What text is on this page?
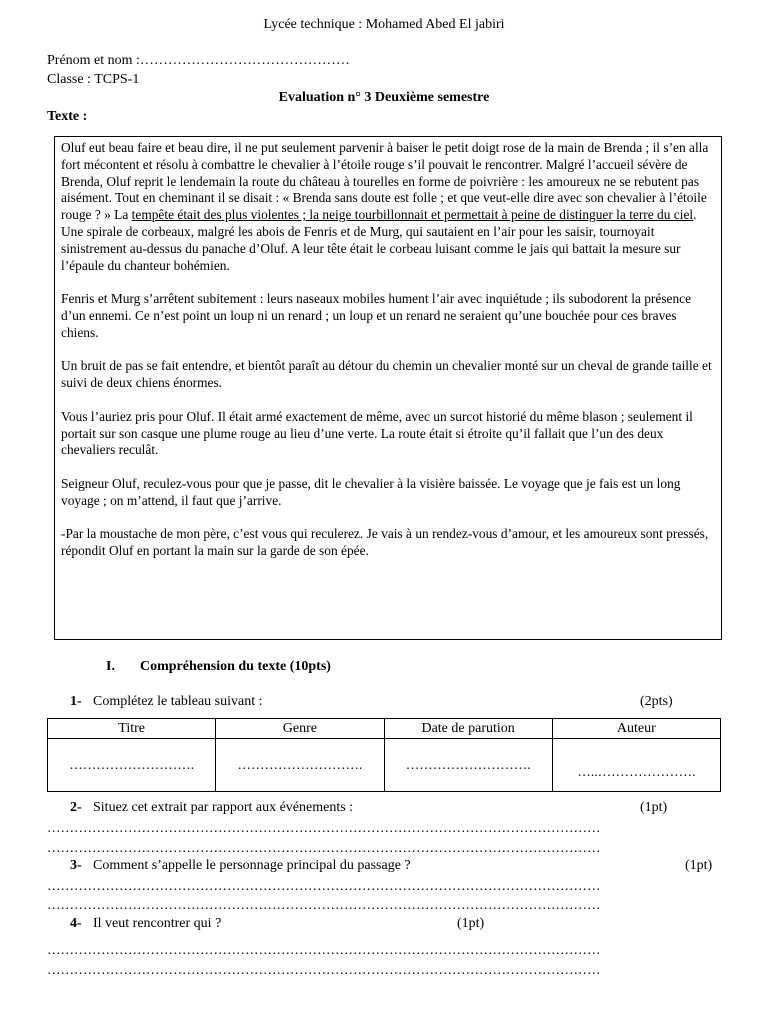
Lycée technique : Mohamed Abed El jabiri
Prénom et nom :………………………………………
Classe : TCPS-1
Evaluation n° 3 Deuxième semestre
Texte :

Oluf eut beau faire et beau dire, il ne put seulement parvenir à baiser le petit doigt rose de la main de Brenda ; il s’en alla fort mécontent et résolu à combattre le chevalier à l’étoile rouge s’il pouvait le rencontrer. Malgré l’accueil sévère de Brenda, Oluf reprit le lendemain la route du château à tourelles en forme de poivrière : les amoureux ne se rebutent pas aisément. Tout en cheminant il se disait : « Brenda sans doute est folle ; et que veut-elle dire avec son chevalier à l’étoile rouge ? » La tempête était des plus violentes ; la neige tourbillonnait et permettait à peine de distinguer la terre du ciel. Une spirale de corbeaux, malgré les abois de Fenris et de Murg, qui sautaient en l’air pour les saisir, tournoyait sinistrement au-dessus du panache d’Oluf. A leur tête était le corbeau luisant comme le jais qui battait la mesure sur l’épaule du chanteur bohémien.

Fenris et Murg s’arrêtent subitement : leurs naseaux mobiles hument l’air avec inquiétude ; ils subodorent la présence d’un ennemi. Ce n’est point un loup ni un renard ; un loup et un renard ne seraient qu’une bouchée pour ces braves chiens.

Un bruit de pas se fait entendre, et bientôt paraît au détour du chemin un chevalier monté sur un cheval de grande taille et suivi de deux chiens énormes.

Vous l’auriez pris pour Oluf. Il était armé exactement de même, avec un surcot historié du même blason ; seulement il portait sur son casque une plume rouge au lieu d’une verte. La route était si étroite qu’il fallait que l’un des deux chevaliers reculât.

Seigneur Oluf, reculez-vous pour que je passe, dit le chevalier à la visière baissée. Le voyage que je fais est un long voyage ; on m’attend, il faut que j’arrive.

-Par la moustache de mon père, c’est vous qui reculerez. Je vais à un rendez-vous d’amour, et les amoureux sont pressés, répondit Oluf en portant la main sur la garde de son épée.

I. Compréhension du texte (10pts)
1- Complétez le tableau suivant :	(2pts)
Titre	Genre	Date de parution	Auteur
……………………….	……………………….	……………………….	…..………………….
2- Situez cet extrait par rapport aux événements :	(1pt)
……………………………………………………………………………………………………………
……………………………………………………………………………………………………………
3- Comment s’appelle le personnage principal du passage ?	(1pt)
……………………………………………………………………………………………………………
……………………………………………………………………………………………………………
4- Il veut rencontrer qui ?	(1pt)
……………………………………………………………………………………………………………
……………………………………………………………………………………………………………
